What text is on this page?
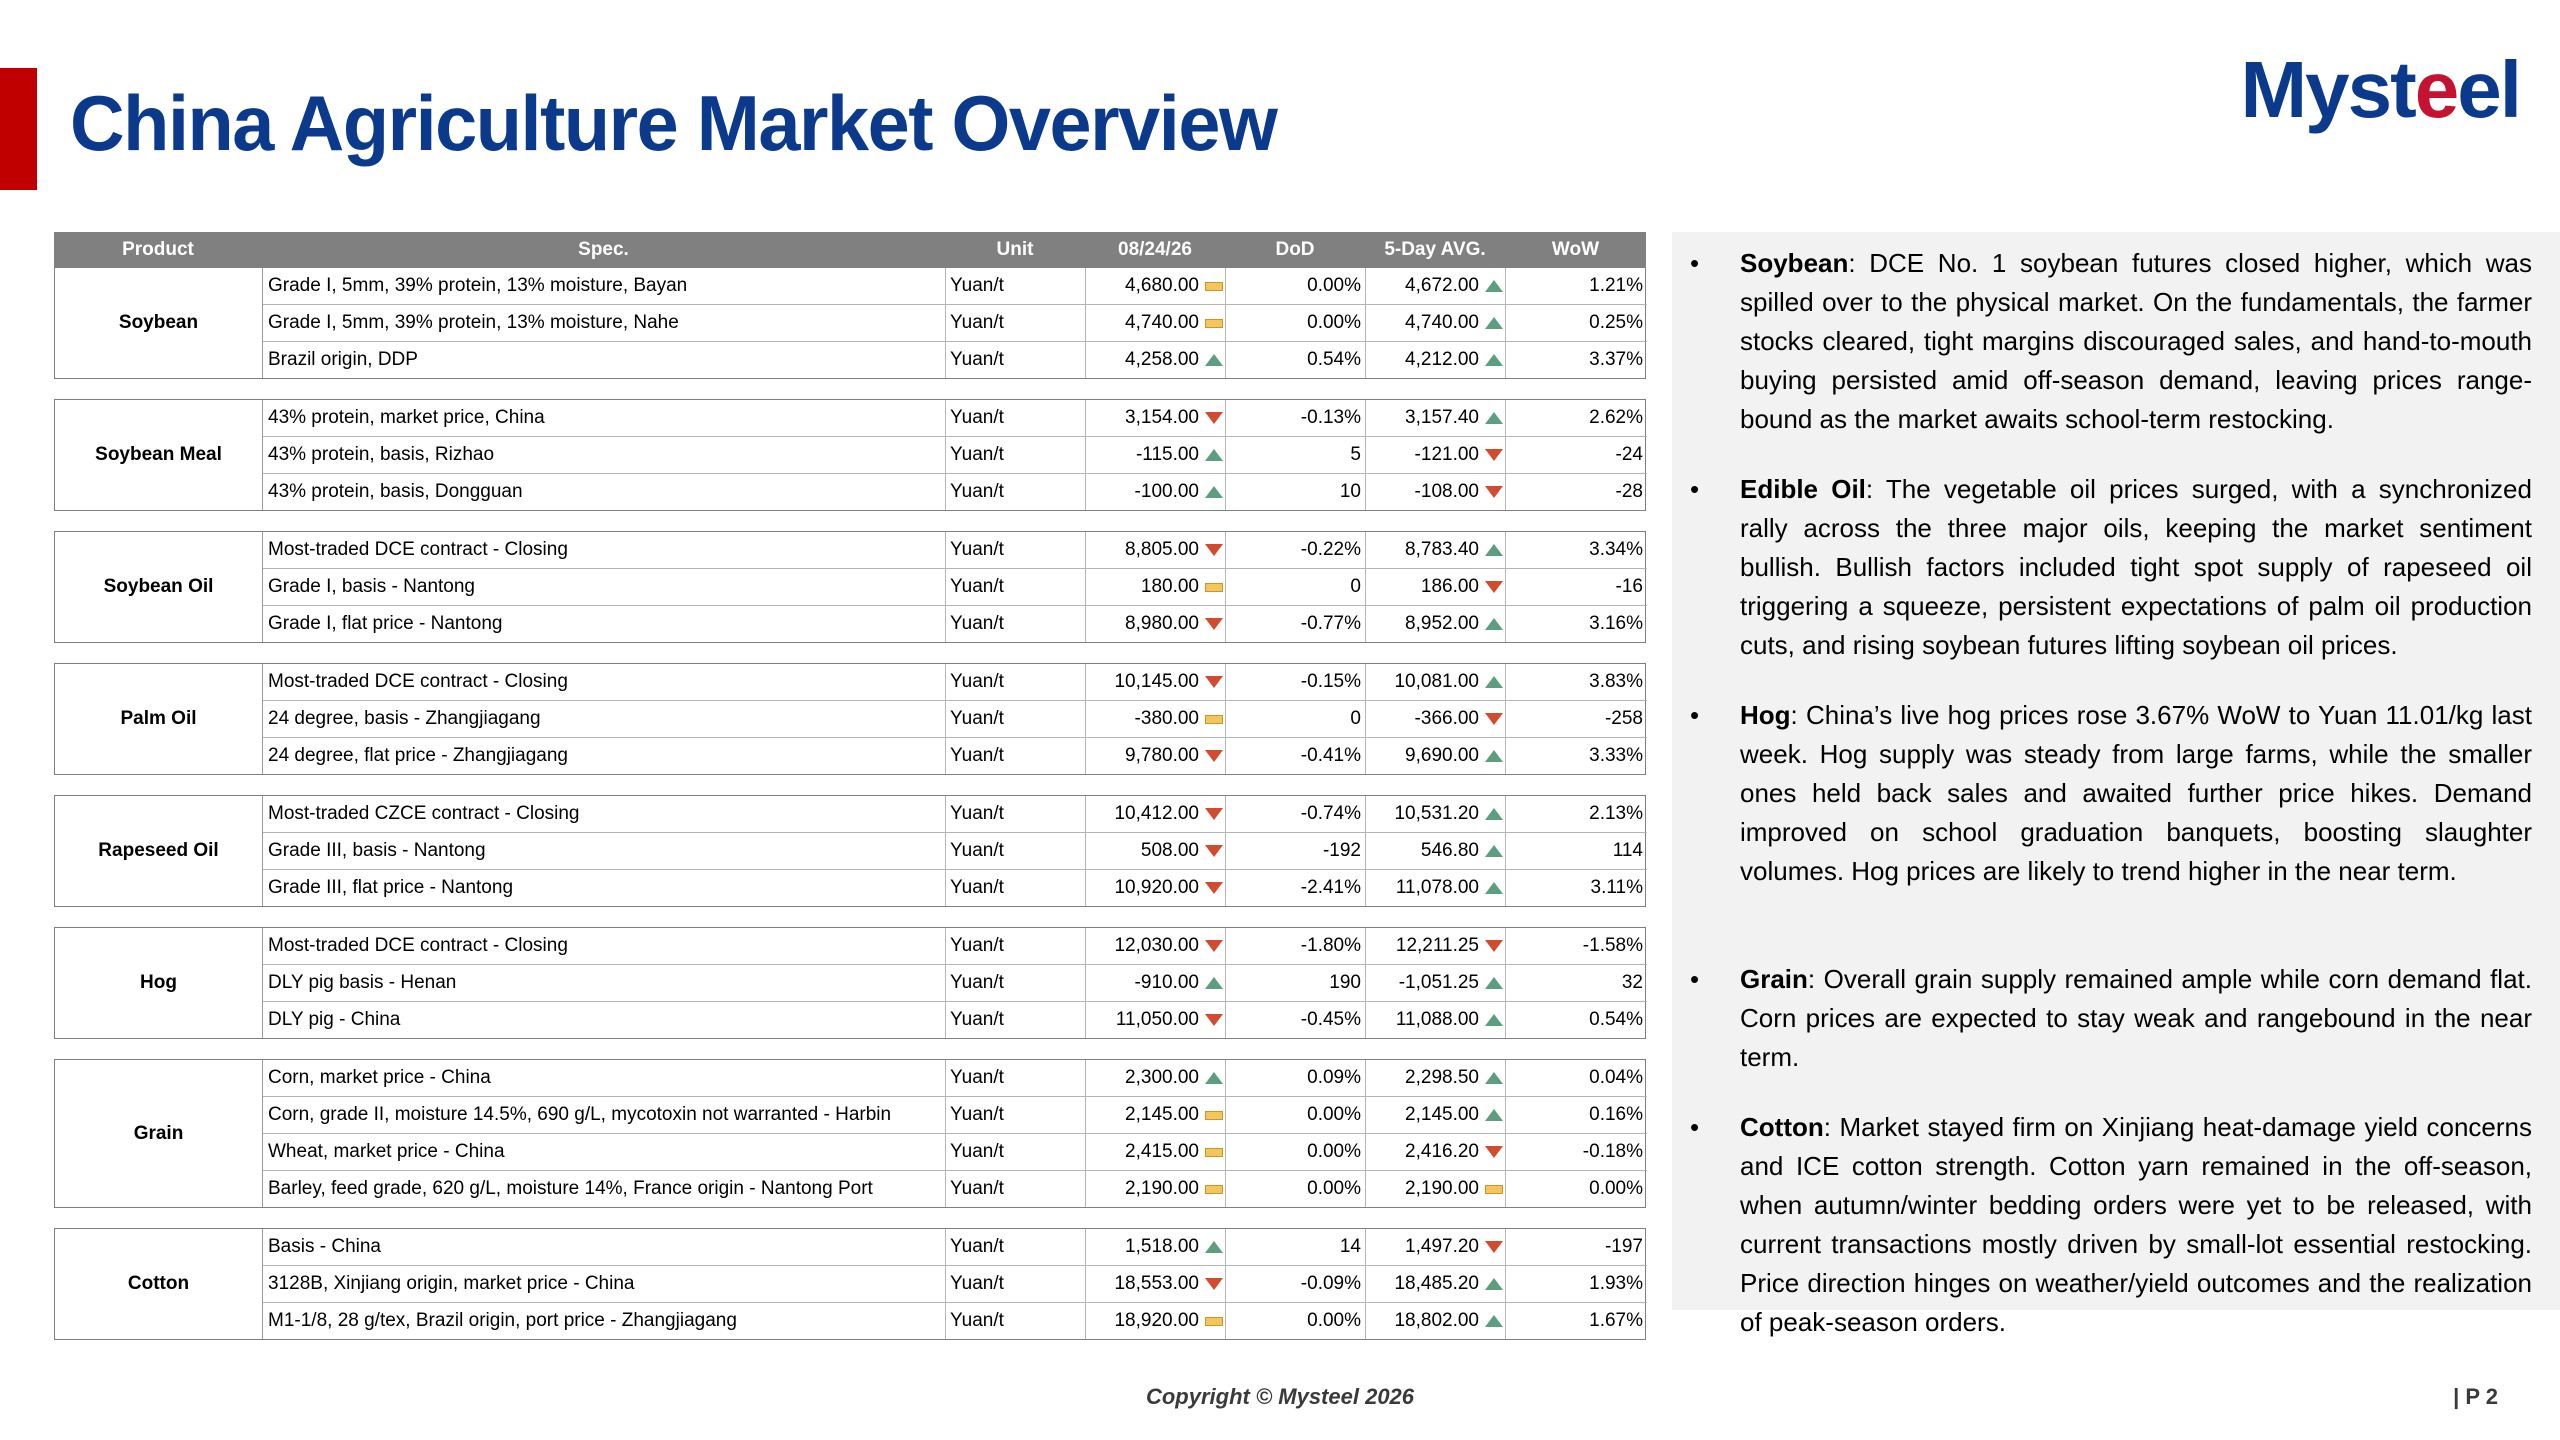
China Agriculture Market Overview	Mysteel
Product	Spec.	Unit	08/24/26	DoD	5-Day AVG.	WoW
Soybean
Grade I, 5mm, 39% protein, 13% moisture, Bayan	Yuan/t	4,680.00	0.00%	4,672.00	1.21%
Grade I, 5mm, 39% protein, 13% moisture, Nahe	Yuan/t	4,740.00	0.00%	4,740.00	0.25%
Brazil origin, DDP	Yuan/t	4,258.00	0.54%	4,212.00	3.37%
Soybean Meal
43% protein, market price, China	Yuan/t	3,154.00	-0.13%	3,157.40	2.62%
43% protein, basis, Rizhao	Yuan/t	-115.00	5	-121.00	-24
43% protein, basis, Dongguan	Yuan/t	-100.00	10	-108.00	-28
Soybean Oil
Most-traded DCE contract - Closing	Yuan/t	8,805.00	-0.22%	8,783.40	3.34%
Grade I, basis - Nantong	Yuan/t	180.00	0	186.00	-16
Grade I, flat price - Nantong	Yuan/t	8,980.00	-0.77%	8,952.00	3.16%
Palm Oil
Most-traded DCE contract - Closing	Yuan/t	10,145.00	-0.15%	10,081.00	3.83%
24 degree, basis - Zhangjiagang	Yuan/t	-380.00	0	-366.00	-258
24 degree, flat price - Zhangjiagang	Yuan/t	9,780.00	-0.41%	9,690.00	3.33%
Rapeseed Oil
Most-traded CZCE contract - Closing	Yuan/t	10,412.00	-0.74%	10,531.20	2.13%
Grade III, basis - Nantong	Yuan/t	508.00	-192	546.80	114
Grade III, flat price - Nantong	Yuan/t	10,920.00	-2.41%	11,078.00	3.11%
Hog
Most-traded DCE contract - Closing	Yuan/t	12,030.00	-1.80%	12,211.25	-1.58%
DLY pig basis - Henan	Yuan/t	-910.00	190	-1,051.25	32
DLY pig - China	Yuan/t	11,050.00	-0.45%	11,088.00	0.54%
Grain
Corn, market price - China	Yuan/t	2,300.00	0.09%	2,298.50	0.04%
Corn, grade II, moisture 14.5%, 690 g/L, mycotoxin not warranted - Harbin	Yuan/t	2,145.00	0.00%	2,145.00	0.16%
Wheat, market price - China	Yuan/t	2,415.00	0.00%	2,416.20	-0.18%
Barley, feed grade, 620 g/L, moisture 14%, France origin - Nantong Port	Yuan/t	2,190.00	0.00%	2,190.00	0.00%
Cotton
Basis - China	Yuan/t	1,518.00	14	1,497.20	-197
3128B, Xinjiang origin, market price - China	Yuan/t	18,553.00	-0.09%	18,485.20	1.93%
M1-1/8, 28 g/tex, Brazil origin, port price - Zhangjiagang	Yuan/t	18,920.00	0.00%	18,802.00	1.67%
• Soybean: DCE No. 1 soybean futures closed higher, which was spilled over to the physical market. On the fundamentals, the farmer stocks cleared, tight margins discouraged sales, and hand-to-mouth buying persisted amid off-season demand, leaving prices range-bound as the market awaits school-term restocking.
• Edible Oil: The vegetable oil prices surged, with a synchronized rally across the three major oils, keeping the market sentiment bullish. Bullish factors included tight spot supply of rapeseed oil triggering a squeeze, persistent expectations of palm oil production cuts, and rising soybean futures lifting soybean oil prices.
• Hog: China’s live hog prices rose 3.67% WoW to Yuan 11.01/kg last week. Hog supply was steady from large farms, while the smaller ones held back sales and awaited further price hikes. Demand improved on school graduation banquets, boosting slaughter volumes. Hog prices are likely to trend higher in the near term.
• Grain: Overall grain supply remained ample while corn demand flat. Corn prices are expected to stay weak and rangebound in the near term.
• Cotton: Market stayed firm on Xinjiang heat-damage yield concerns and ICE cotton strength. Cotton yarn remained in the off-season, when autumn/winter bedding orders were yet to be released, with current transactions mostly driven by small-lot essential restocking. Price direction hinges on weather/yield outcomes and the realization of peak-season orders.
Copyright © Mysteel 2026	| P 2
